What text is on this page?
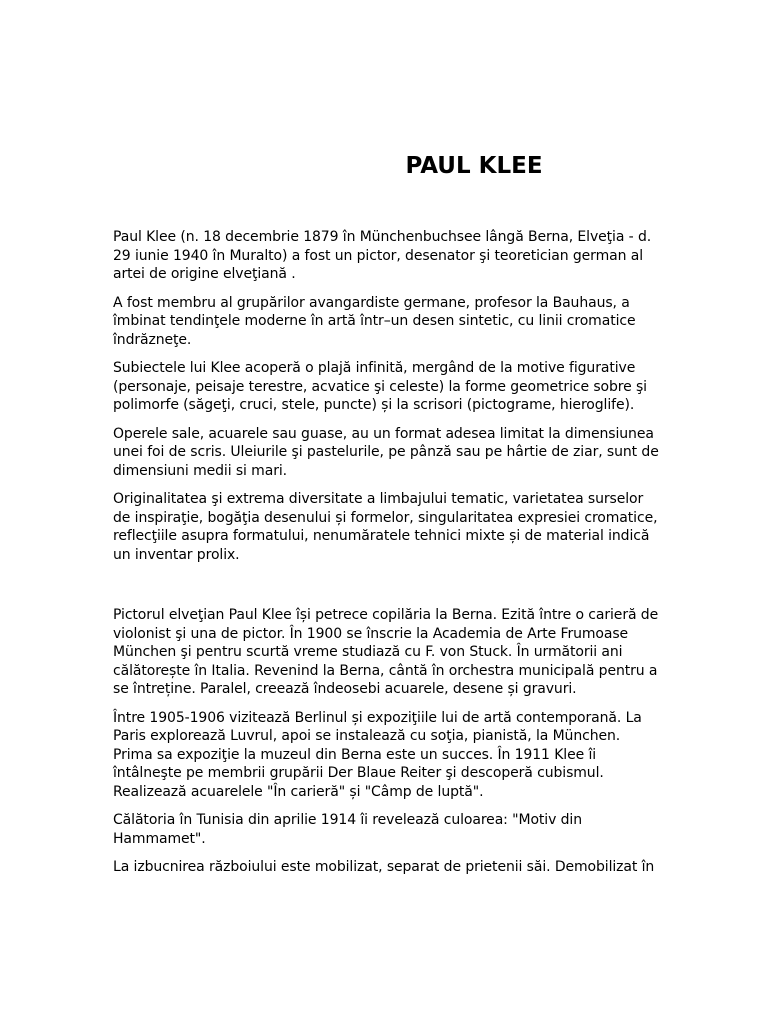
PAUL KLEE

Paul Klee (n. 18 decembrie 1879 în Münchenbuchsee lângă Berna, Elveţia - d. 29 iunie 1940 în Muralto) a fost un pictor, desenator şi teoretician german al artei de origine elveţiană .

A fost membru al grupărilor avangardiste germane, profesor la Bauhaus, a îmbinat tendinţele moderne în artă într–un desen sintetic, cu linii cromatice îndrăzneţe.

Subiectele lui Klee acoperă o plajă infinită, mergând de la motive figurative (personaje, peisaje terestre, acvatice şi celeste) la forme geometrice sobre şi polimorfe (săgeţi, cruci, stele, puncte) și la scrisori (pictograme, hieroglife).

Operele sale, acuarele sau guase, au un format adesea limitat la dimensiunea unei foi de scris. Uleiurile şi pastelurile, pe pânză sau pe hârtie de ziar, sunt de dimensiuni medii si mari.

Originalitatea şi extrema diversitate a limbajului tematic, varietatea surselor de inspiraţie, bogăţia desenului și formelor, singularitatea expresiei cromatice, reflecţiile asupra formatului, nenumăratele tehnici mixte și de material indică un inventar prolix.

Pictorul elveţian Paul Klee își petrece copilăria la Berna. Ezită între o carieră de violonist şi una de pictor. În 1900 se înscrie la Academia de Arte Frumoase München şi pentru scurtă vreme studiază cu F. von Stuck. În următorii ani călătorește în Italia. Revenind la Berna, cântă în orchestra municipală pentru a se întreține. Paralel, creează îndeosebi acuarele, desene și gravuri.

Între 1905-1906 vizitează Berlinul și expoziţiile lui de artă contemporană. La Paris explorează Luvrul, apoi se instalează cu soţia, pianistă, la München. Prima sa expoziţie la muzeul din Berna este un succes. În 1911 Klee îi întâlneşte pe membrii grupării Der Blaue Reiter şi descoperă cubismul. Realizează acuarelele "În carieră" și "Câmp de luptă".

Călătoria în Tunisia din aprilie 1914 îi revelează culoarea: "Motiv din Hammamet".

La izbucnirea războiului este mobilizat, separat de prietenii săi. Demobilizat în
